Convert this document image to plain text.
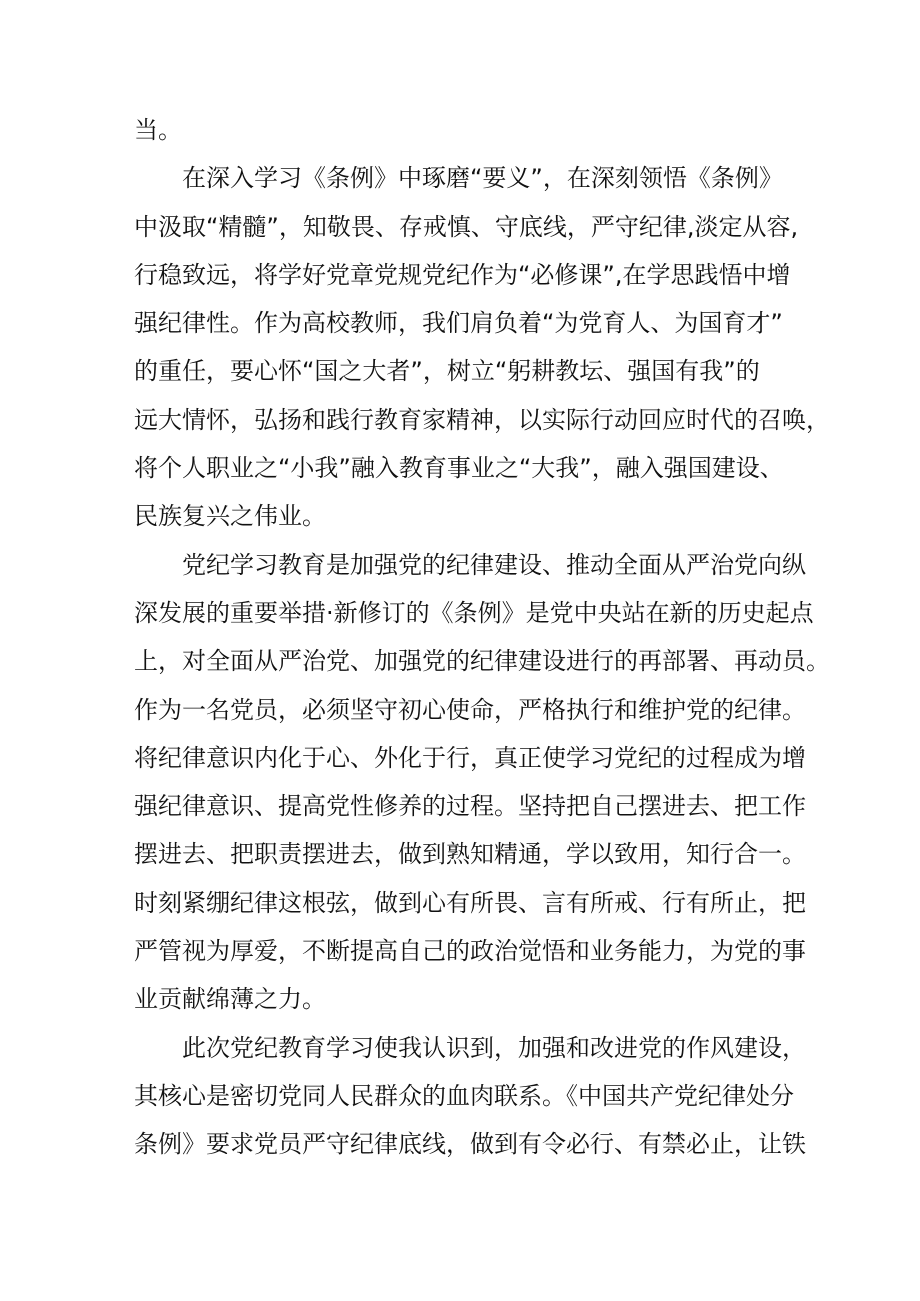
当。
在深入学习《条例》中琢磨“要义”，在深刻领悟《条例》
中汲取“精髓”，知敬畏、存戒慎、守底线，严守纪律,淡定从容,
行稳致远，将学好党章党规党纪作为“必修课”,在学思践悟中增
强纪律性。作为高校教师，我们肩负着“为党育人、为国育才”
的重任，要心怀“国之大者”，树立“躬耕教坛、强国有我”的
远大情怀，弘扬和践行教育家精神，以实际行动回应时代的召唤，
将个人职业之“小我”融入教育事业之“大我”，融入强国建设、
民族复兴之伟业。
党纪学习教育是加强党的纪律建设、推动全面从严治党向纵
深发展的重要举措·新修订的《条例》是党中央站在新的历史起点
上，对全面从严治党、加强党的纪律建设进行的再部署、再动员。
作为一名党员，必须坚守初心使命，严格执行和维护党的纪律。
将纪律意识内化于心、外化于行，真正使学习党纪的过程成为增
强纪律意识、提高党性修养的过程。坚持把自己摆进去、把工作
摆进去、把职责摆进去，做到熟知精通，学以致用，知行合一。
时刻紧绷纪律这根弦，做到心有所畏、言有所戒、行有所止，把
严管视为厚爱，不断提高自己的政治觉悟和业务能力，为党的事
业贡献绵薄之力。
此次党纪教育学习使我认识到，加强和改进党的作风建设，
其核心是密切党同人民群众的血肉联系。《中国共产党纪律处分
条例》要求党员严守纪律底线，做到有令必行、有禁必止，让铁
